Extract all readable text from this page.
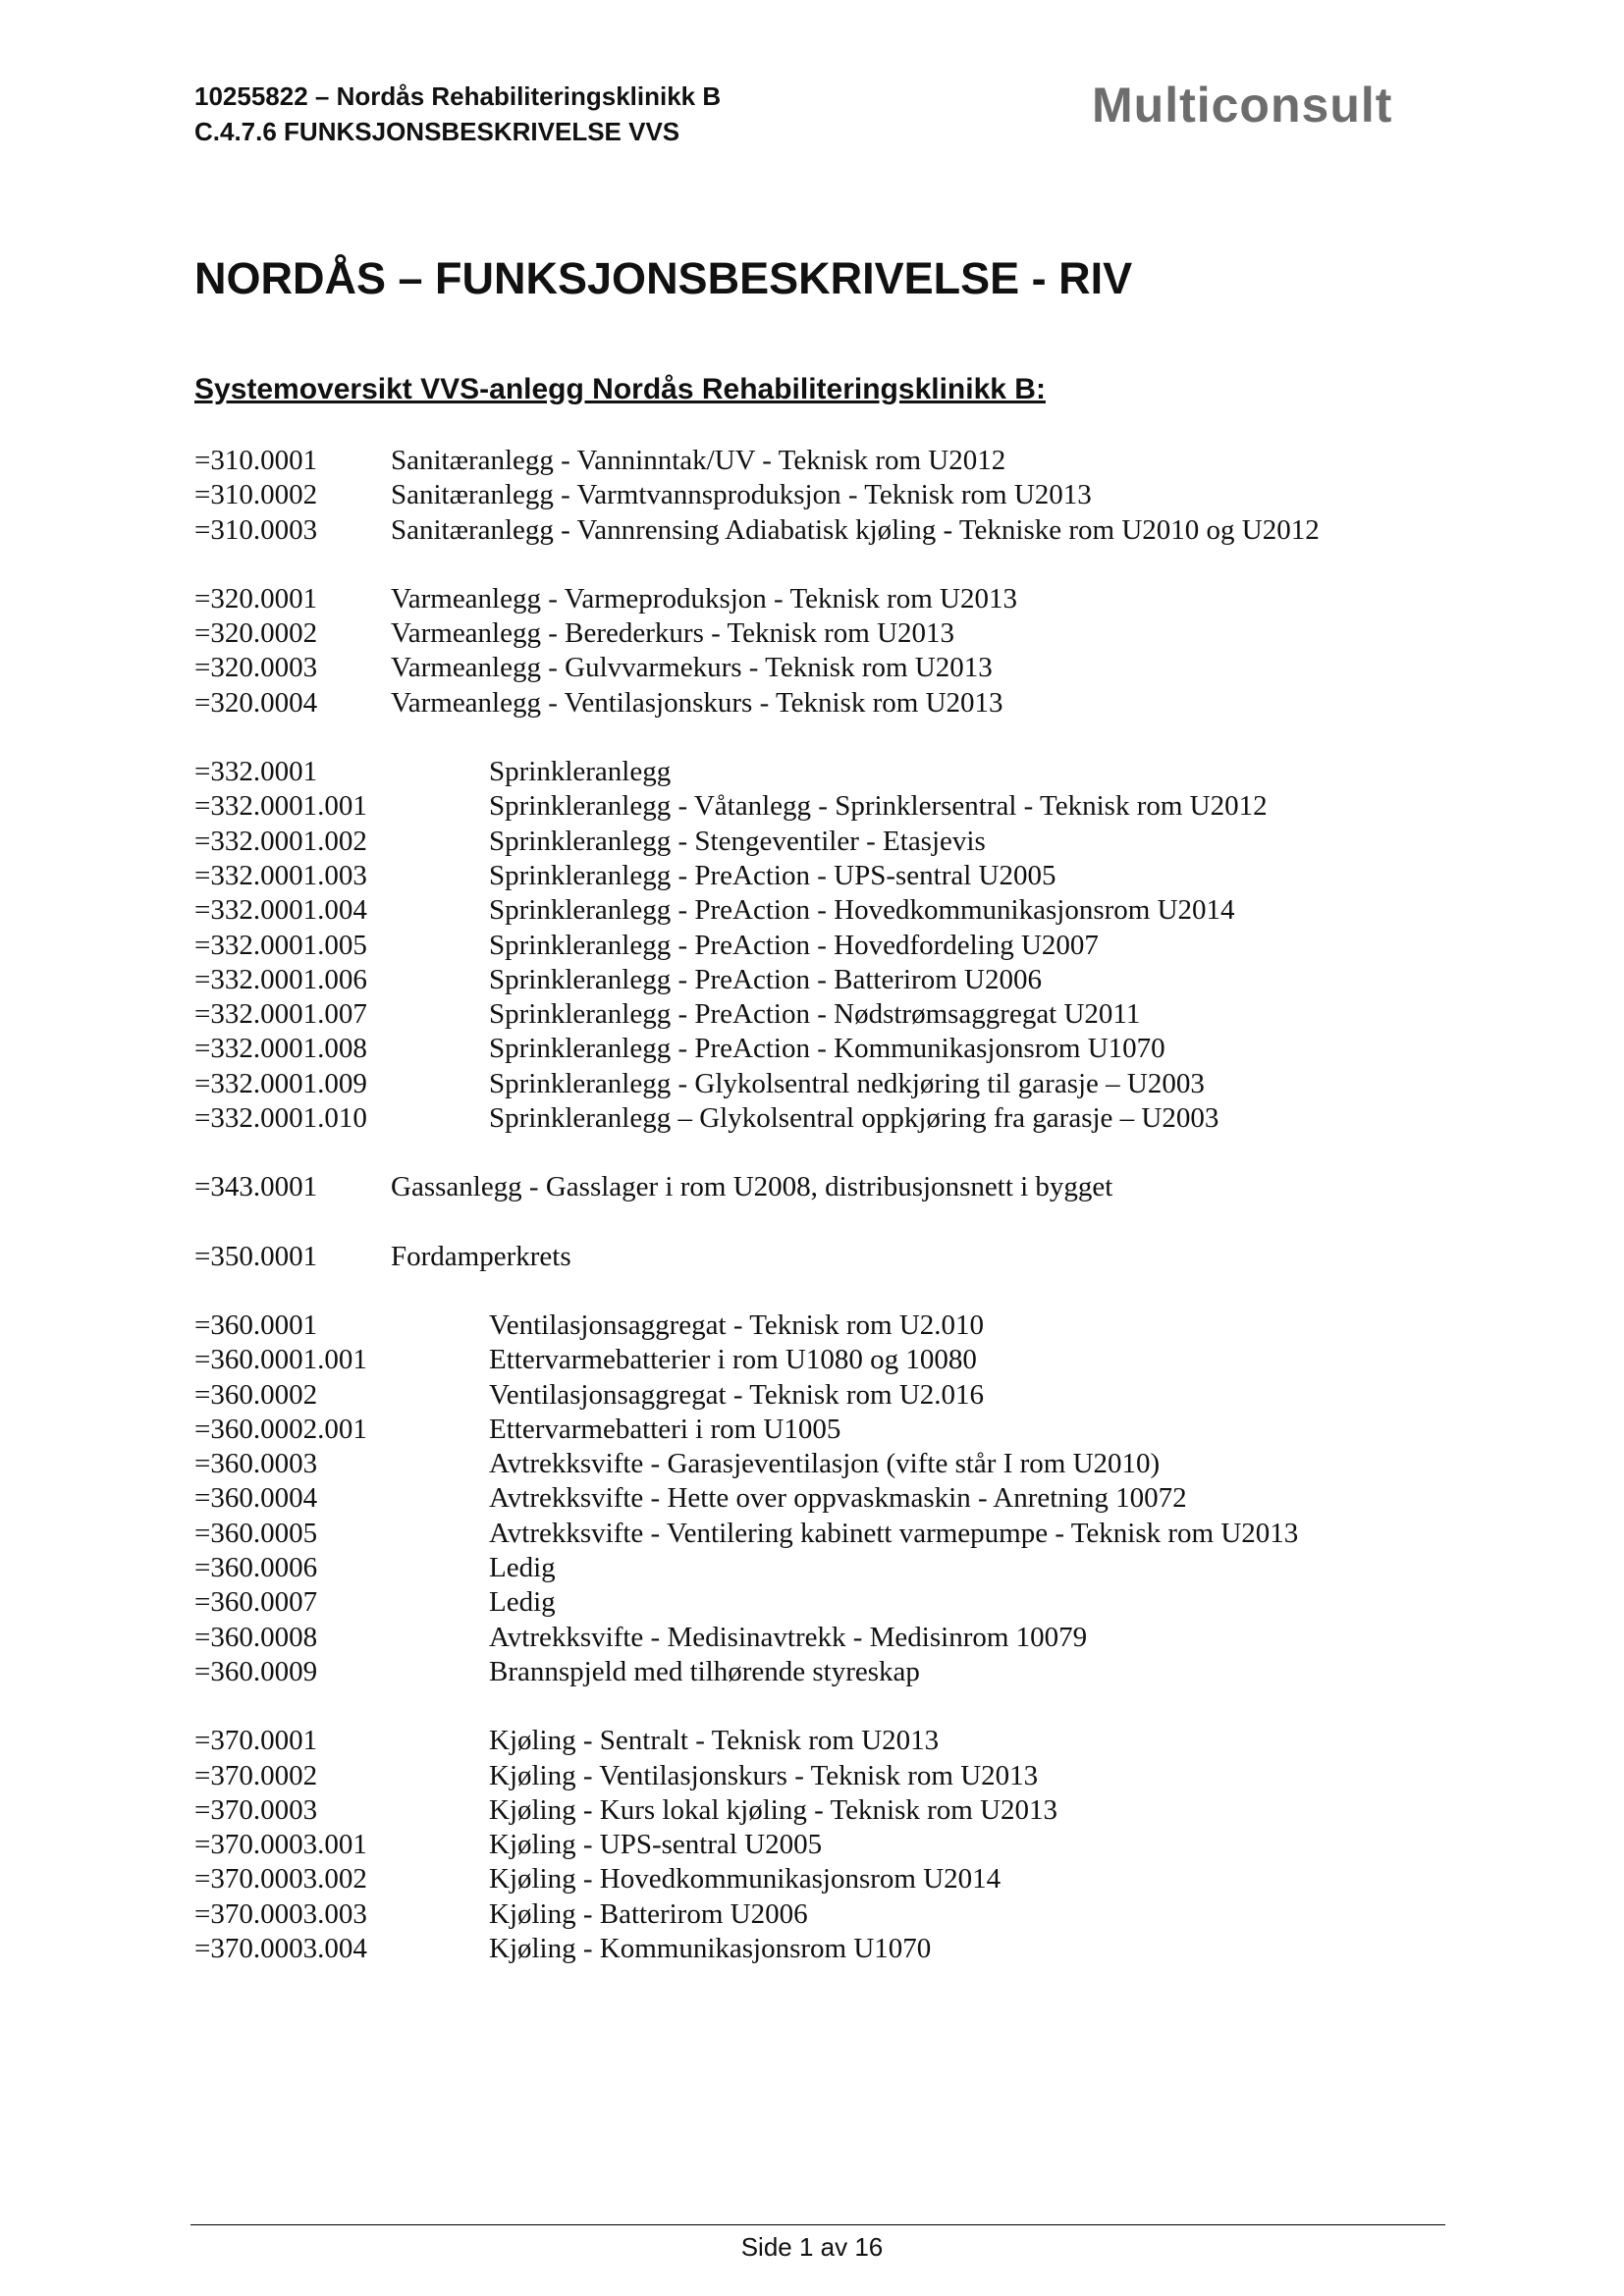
10255822 – Nordås Rehabiliteringsklinikk B
C.4.7.6 FUNKSJONSBESKRIVELSE VVS	Multiconsult
NORDÅS – FUNKSJONSBESKRIVELSE - RIV
Systemoversikt VVS-anlegg Nordås Rehabiliteringsklinikk B:
=310.0001	Sanitæranlegg - Vanninntak/UV - Teknisk rom U2012
=310.0002	Sanitæranlegg - Varmtvannsproduksjon - Teknisk rom U2013
=310.0003	Sanitæranlegg - Vannrensing Adiabatisk kjøling - Tekniske rom U2010 og U2012
=320.0001	Varmeanlegg - Varmeproduksjon - Teknisk rom U2013
=320.0002	Varmeanlegg - Berederkurs - Teknisk rom U2013
=320.0003	Varmeanlegg - Gulvvarmekurs - Teknisk rom U2013
=320.0004	Varmeanlegg - Ventilasjonskurs - Teknisk rom U2013
=332.0001	Sprinkleranlegg
=332.0001.001	Sprinkleranlegg - Våtanlegg - Sprinklersentral - Teknisk rom U2012
=332.0001.002	Sprinkleranlegg - Stengeventiler - Etasjevis
=332.0001.003	Sprinkleranlegg - PreAction - UPS-sentral U2005
=332.0001.004	Sprinkleranlegg - PreAction - Hovedkommunikasjonsrom U2014
=332.0001.005	Sprinkleranlegg - PreAction - Hovedfordeling U2007
=332.0001.006	Sprinkleranlegg - PreAction - Batterirom U2006
=332.0001.007	Sprinkleranlegg - PreAction - Nødstrømsaggregat U2011
=332.0001.008	Sprinkleranlegg - PreAction - Kommunikasjonsrom U1070
=332.0001.009	Sprinkleranlegg - Glykolsentral nedkjøring til garasje – U2003
=332.0001.010	Sprinkleranlegg – Glykolsentral oppkjøring fra garasje – U2003
=343.0001	Gassanlegg - Gasslager i rom U2008, distribusjonsnett i bygget
=350.0001	Fordamperkrets
=360.0001	Ventilasjonsaggregat - Teknisk rom U2.010
=360.0001.001	Ettervarmebatterier i rom U1080 og 10080
=360.0002	Ventilasjonsaggregat - Teknisk rom U2.016
=360.0002.001	Ettervarmebatteri i rom U1005
=360.0003	Avtrekksvifte - Garasjeventilasjon (vifte står I rom U2010)
=360.0004	Avtrekksvifte - Hette over oppvaskmaskin - Anretning 10072
=360.0005	Avtrekksvifte - Ventilering kabinett varmepumpe - Teknisk rom U2013
=360.0006	Ledig
=360.0007	Ledig
=360.0008	Avtrekksvifte - Medisinavtrekk - Medisinrom 10079
=360.0009	Brannspjeld med tilhørende styreskap
=370.0001	Kjøling - Sentralt - Teknisk rom U2013
=370.0002	Kjøling - Ventilasjonskurs - Teknisk rom U2013
=370.0003	Kjøling - Kurs lokal kjøling - Teknisk rom U2013
=370.0003.001	Kjøling - UPS-sentral U2005
=370.0003.002	Kjøling - Hovedkommunikasjonsrom U2014
=370.0003.003	Kjøling - Batterirom U2006
=370.0003.004	Kjøling - Kommunikasjonsrom U1070
Side 1 av 16
